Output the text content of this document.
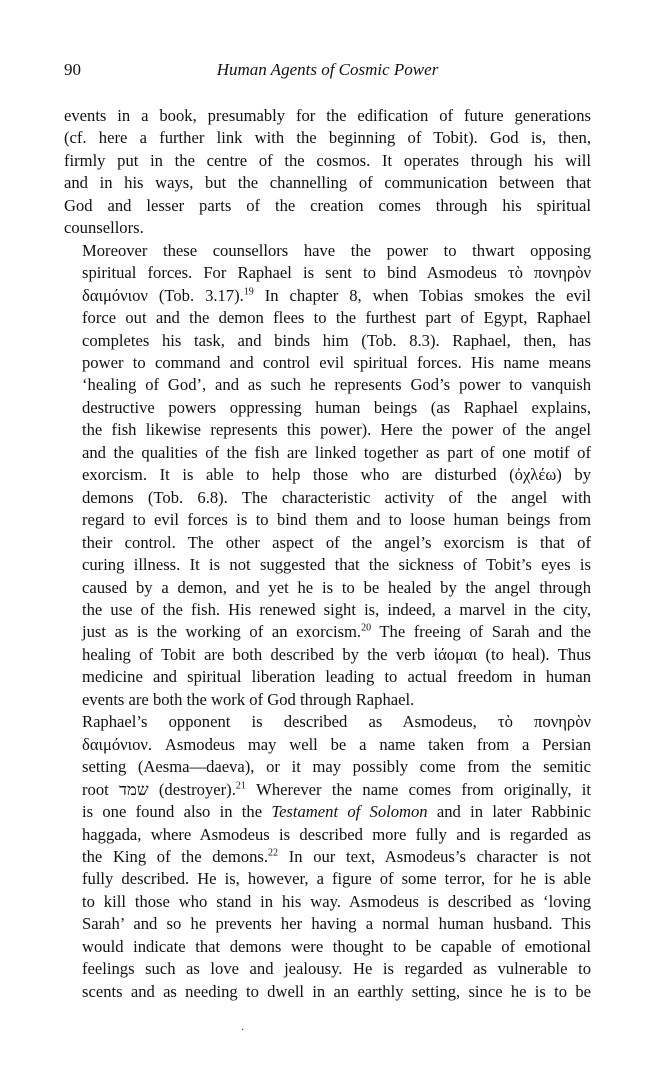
90	Human Agents of Cosmic Power

events in a book, presumably for the edification of future generations
(cf. here a further link with the beginning of Tobit). God is, then,
firmly put in the centre of the cosmos. It operates through his will
and in his ways, but the channelling of communication between that
God and lesser parts of the creation comes through his spiritual
counsellors.

Moreover these counsellors have the power to thwart opposing
spiritual forces. For Raphael is sent to bind Asmodeus τὸ πονηρὸν
δαιμόνιον (Tob. 3.17).$^{19}$ In chapter 8, when Tobias smokes the evil
force out and the demon flees to the furthest part of Egypt, Raphael
completes his task, and binds him (Tob. 8.3). Raphael, then, has
power to command and control evil spiritual forces. His name means
‘healing of God’, and as such he represents God’s power to vanquish
destructive powers oppressing human beings (as Raphael explains,
the fish likewise represents this power). Here the power of the angel
and the qualities of the fish are linked together as part of one motif of
exorcism. It is able to help those who are disturbed (ὀχλέω) by
demons (Tob. 6.8). The characteristic activity of the angel with
regard to evil forces is to bind them and to loose human beings from
their control. The other aspect of the angel’s exorcism is that of
curing illness. It is not suggested that the sickness of Tobit’s eyes is
caused by a demon, and yet he is to be healed by the angel through
the use of the fish. His renewed sight is, indeed, a marvel in the city,
just as is the working of an exorcism.$^{20}$ The freeing of Sarah and the
healing of Tobit are both described by the verb ἰάομαι (to heal). Thus
medicine and spiritual liberation leading to actual freedom in human
events are both the work of God through Raphael.

Raphael’s opponent is described as Asmodeus, τὸ πονηρὸν
δαιμόνιον. Asmodeus may well be a name taken from a Persian
setting (Aesma—daeva), or it may possibly come from the semitic
root שמד (destroyer).$^{21}$ Wherever the name comes from originally, it
is one found also in the Testament of Solomon and in later Rabbinic
haggada, where Asmodeus is described more fully and is regarded as
the King of the demons.$^{22}$ In our text, Asmodeus’s character is not
fully described. He is, however, a figure of some terror, for he is able
to kill those who stand in his way. Asmodeus is described as ‘loving
Sarah’ and so he prevents her having a normal human husband. This
would indicate that demons were thought to be capable of emotional
feelings such as love and jealousy. He is regarded as vulnerable to
scents and as needing to dwell in an earthly setting, since he is to be

·
